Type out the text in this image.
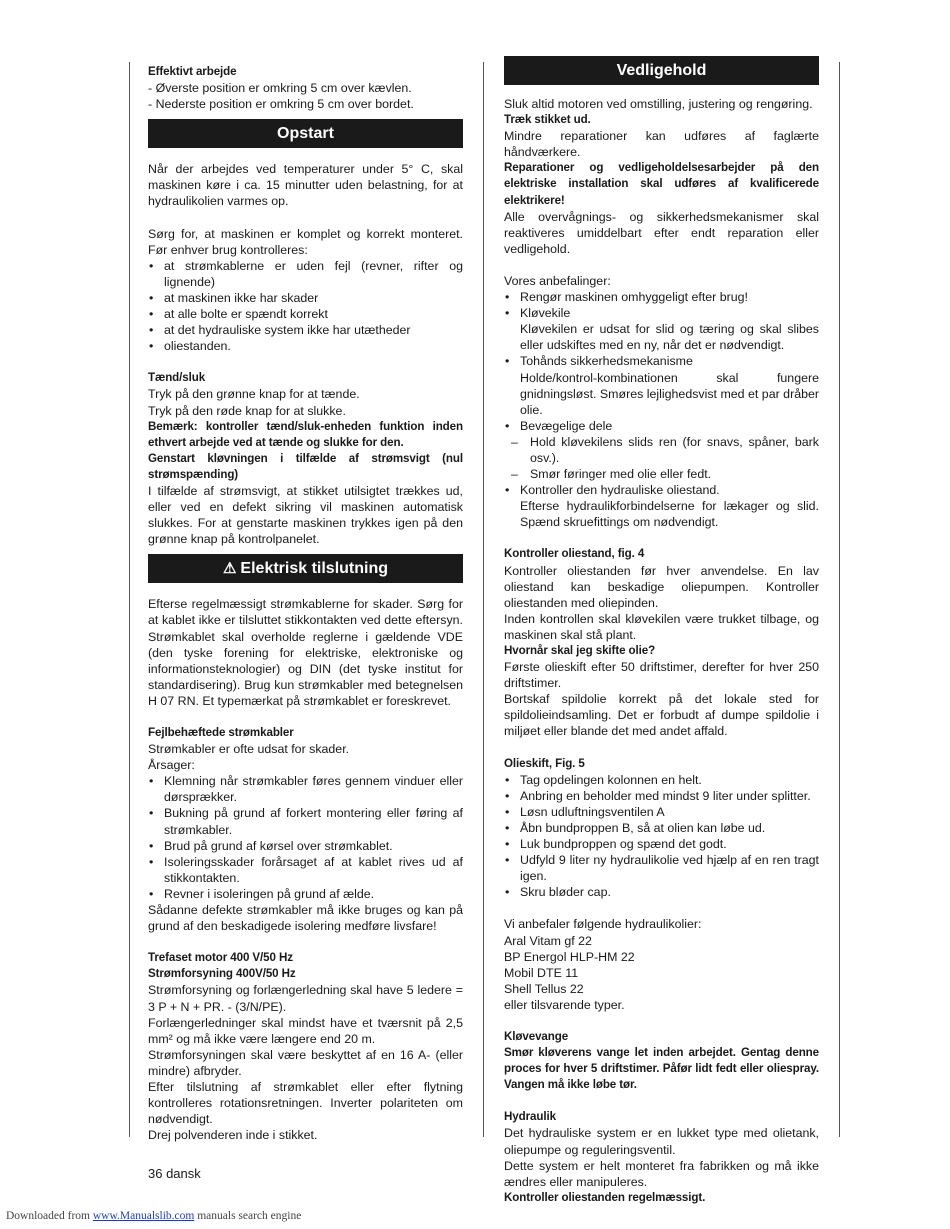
Effektivt arbejde

- Øverste position er omkring 5 cm over kævlen.

- Nederste position er omkring 5 cm over bordet.

Opstart

Når der arbejdes ved temperaturer under 5° C, skal maskinen køre i ca. 15 minutter uden belastning, for at hydraulikolien varmes op.

Sørg for, at maskinen er komplet og korrekt monteret. Før enhver brug kontrolleres:

• at strømkablerne er uden fejl (revner, rifter og lignende)
• at maskinen ikke har skader
• at alle bolte er spændt korrekt
• at det hydrauliske system ikke har utætheder
• oliestanden.
Tænd/sluk

Tryk på den grønne knap for at tænde.

Tryk på den røde knap for at slukke.

Bemærk: kontroller tænd/sluk-enheden funktion inden ethvert arbejde ved at tænde og slukke for den.

Genstart kløvningen i tilfælde af strømsvigt (nul strømspænding)

I tilfælde af strømsvigt, at stikket utilsigtet trækkes ud, eller ved en defekt sikring vil maskinen automatisk slukkes. For at genstarte maskinen trykkes igen på den grønne knap på kontrolpanelet.

⚠ Elektrisk tilslutning

Efterse regelmæssigt strømkablerne for skader. Sørg for at kablet ikke er tilsluttet stikkontakten ved dette eftersyn. Strømkablet skal overholde reglerne i gældende VDE (den tyske forening for elektriske, elektroniske og informationsteknologier) og DIN (det tyske institut for standardisering). Brug kun strømkabler med betegnelsen H 07 RN. Et typemærkat på strømkablet er foreskrevet.

Fejlbehæftede strømkabler

Strømkabler er ofte udsat for skader.

Årsager:

• Klemning når strømkabler føres gennem vinduer eller dørsprækker.
• Bukning på grund af forkert montering eller føring af strømkabler.
• Brud på grund af kørsel over strømkablet.
• Isoleringsskader forårsaget af at kablet rives ud af stikkontakten.
• Revner i isoleringen på grund af ælde.

Sådanne defekte strømkabler må ikke bruges og kan på grund af den beskadigede isolering medføre livsfare!

Trefaset motor 400 V/50 Hz
Strømforsyning 400V/50 Hz

Strømforsyning og forlængerledning skal have 5 ledere = 3 P + N + PR. - (3/N/PE).

Forlængerledninger skal mindst have et tværsnit på 2,5 mm² og må ikke være længere end 20 m.

Strømforsyningen skal være beskyttet af en 16 A- (eller mindre) afbryder.

Efter tilslutning af strømkablet eller efter flytning kontrolleres rotationsretningen. Inverter polariteten om nødvendigt.

Drej polvenderen inde i stikket.

Vedligehold

Sluk altid motoren ved omstilling, justering og rengøring.

Træk stikket ud.

Mindre reparationer kan udføres af faglærte håndværkere.

Reparationer og vedligeholdelsesarbejder på den elektriske installation skal udføres af kvalificerede elektrikere!

Alle overvågnings- og sikkerhedsmekanismer skal reaktiveres umiddelbart efter endt reparation eller vedligehold.

Vores anbefalinger:

• Rengør maskinen omhyggeligt efter brug!
• Kløvekile
Kløvekilen er udsat for slid og tæring og skal slibes eller udskiftes med en ny, når det er nødvendigt.
• Tohånds sikkerhedsmekanisme
Holde/kontrol-kombinationen skal fungere gnidningsløst. Smøres lejlighedsvist med et par dråber olie.
• Bevægelige dele
– Hold kløvekilens slids ren (for snavs, spåner, bark osv.).
– Smør føringer med olie eller fedt.
• Kontroller den hydrauliske oliestand.
Efterse hydraulikforbindelserne for lækager og slid. Spænd skruefittings om nødvendigt.
Kontroller oliestand, fig. 4

Kontroller oliestanden før hver anvendelse. En lav oliestand kan beskadige oliepumpen. Kontroller oliestanden med oliepinden.

Inden kontrollen skal kløvekilen være trukket tilbage, og maskinen skal stå plant.

Hvornår skal jeg skifte olie?

Første olieskift efter 50 driftstimer, derefter for hver 250 driftstimer.

Bortskaf spildolie korrekt på det lokale sted for spildolieindsamling. Det er forbudt af dumpe spildolie i miljøet eller blande det med andet affald.

Olieskift, Fig. 5
• Tag opdelingen kolonnen en helt.
• Anbring en beholder med mindst 9 liter under splitter.
• Løsn udluftningsventilen A
• Åbn bundproppen B, så at olien kan løbe ud.
• Luk bundproppen og spænd det godt.
• Udfyld 9 liter ny hydraulikolie ved hjælp af en ren tragt igen.
• Skru bløder cap.

Vi anbefaler følgende hydraulikolier:

Aral Vitam gf 22

BP Energol HLP-HM 22

Mobil DTE 11

Shell Tellus 22

eller tilsvarende typer.

Kløvevange

Smør kløverens vange let inden arbejdet. Gentag denne proces for hver 5 driftstimer. Påfør lidt fedt eller oliespray. Vangen må ikke løbe tør.

Hydraulik

Det hydrauliske system er en lukket type med olietank, oliepumpe og reguleringsventil.

Dette system er helt monteret fra fabrikken og må ikke ændres eller manipuleres.

Kontroller oliestanden regelmæssigt.

36 dansk
Downloaded from www.Manualslib.com manuals search engine
